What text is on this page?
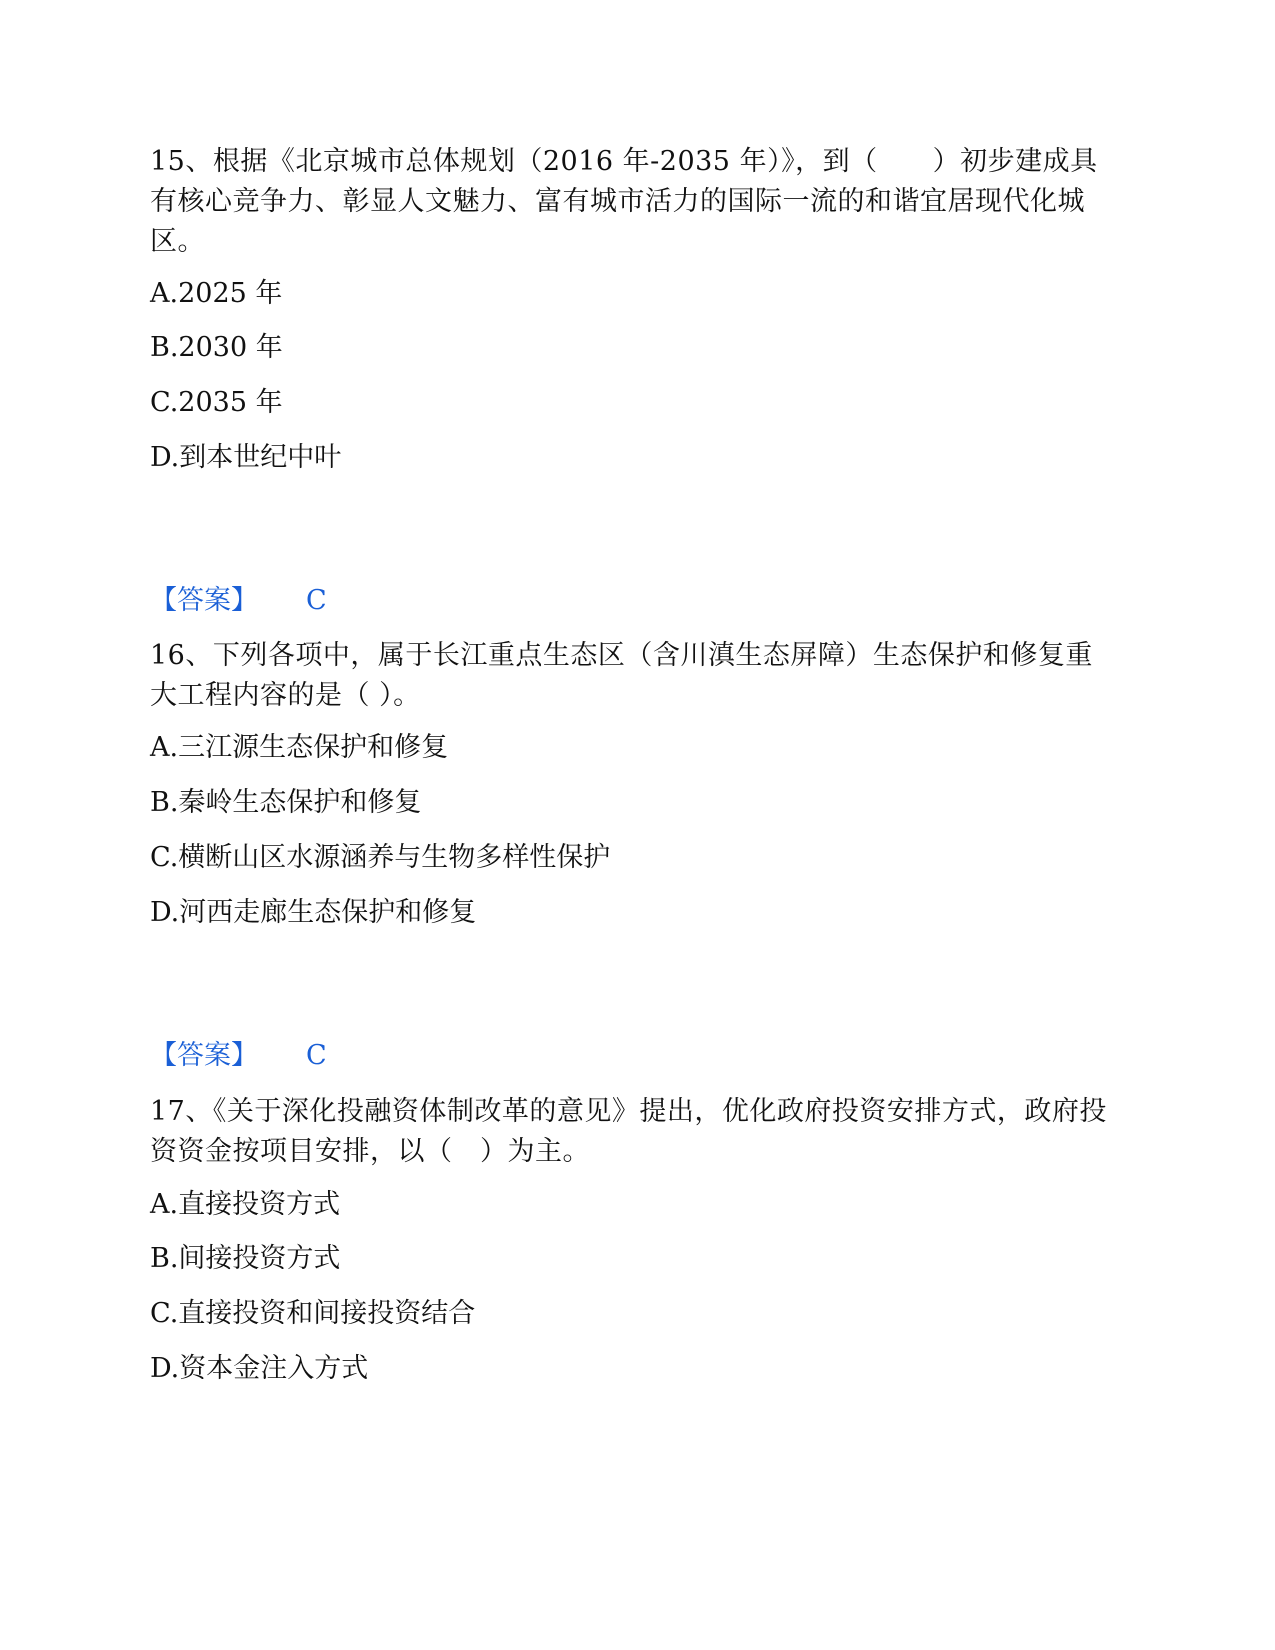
15、根据《北京城市总体规划（2016 年-2035 年）》，到（　　）初步建成具有核心竞争力、彰显人文魅力、富有城市活力的国际一流的和谐宜居现代化城区。
A.2025 年
B.2030 年
C.2035 年
D.到本世纪中叶
【答案】 C
16、下列各项中，属于长江重点生态区（含川滇生态屏障）生态保护和修复重大工程内容的是（ ）。
A.三江源生态保护和修复
B.秦岭生态保护和修复
C.横断山区水源涵养与生物多样性保护
D.河西走廊生态保护和修复
【答案】 C
17、《关于深化投融资体制改革的意见》提出，优化政府投资安排方式，政府投资资金按项目安排，以（　）为主。
A.直接投资方式
B.间接投资方式
C.直接投资和间接投资结合
D.资本金注入方式
